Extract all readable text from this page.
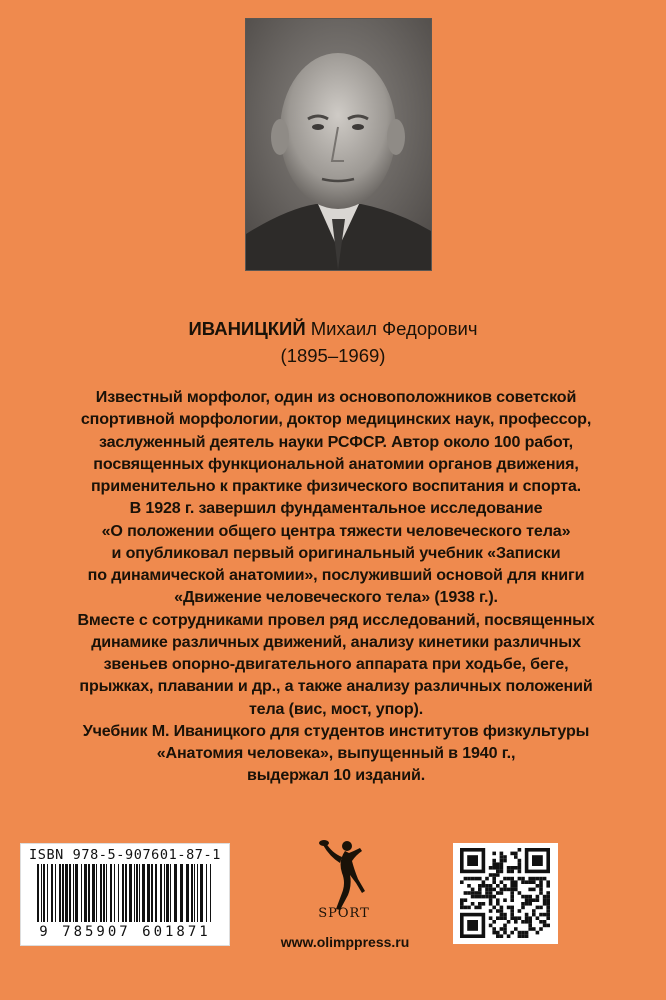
ИВАНИЦКИЙ Михаил Федорович
(1895–1969)
Известный морфолог, один из основоположников советской
спортивной морфологии, доктор медицинских наук, профессор,
заслуженный деятель науки РСФСР. Автор около 100 работ,
посвященных функциональной анатомии органов движения,
применительно к практике физического воспитания и спорта.
В 1928 г. завершил фундаментальное исследование
«О положении общего центра тяжести человеческого тела»
и опубликовал первый оригинальный учебник «Записки
по динамической анатомии», послуживший основой для книги
«Движение человеческого тела» (1938 г.).
Вместе с сотрудниками провел ряд исследований, посвященных
динамике различных движений, анализу кинетики различных
звеньев опорно-двигательного аппарата при ходьбе, беге,
прыжках, плавании и др., а также анализу различных положений
тела (вис, мост, упор).
Учебник М. Иваницкого для студентов институтов физкультуры
«Анатомия человека», выпущенный в 1940 г.,
выдержал 10 изданий.
ISBN 978-5-907601-87-1
9 785907 601871
SPORT
www.olimppress.ru
